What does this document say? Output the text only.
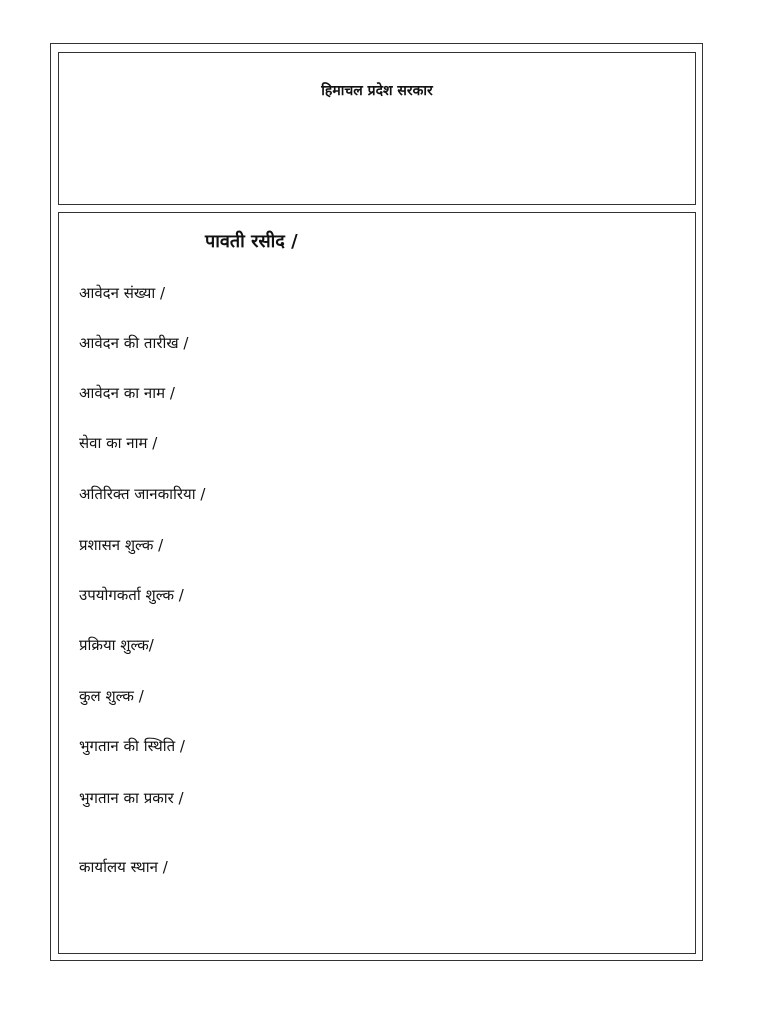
हिमाचल प्रदेश सरकार
पावती रसीद /
आवेदन संख्या /
आवेदन की तारीख /
आवेदन का नाम /
सेवा का नाम /
अतिरिक्त जानकारिया /
प्रशासन शुल्क /
उपयोगकर्ता शुल्क /
प्रक्रिया शुल्क/
कुल शुल्क /
भुगतान की स्थिति /
भुगतान का प्रकार /
कार्यालय स्थान /
